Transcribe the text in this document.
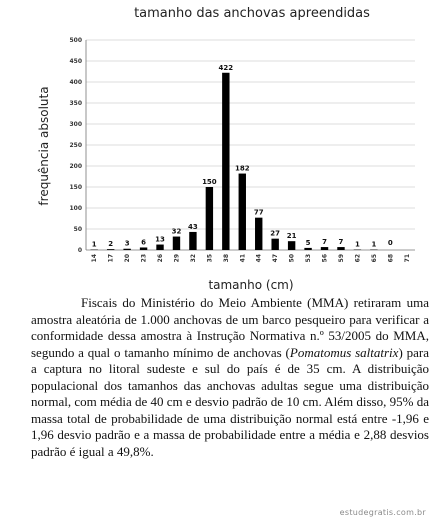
tamanho das anchovas apreendidas
1 2 3 6 13
32
43
150
422
182
77
27 21
5 7 7 1 1 0
0
50
100
150
200
250
300
350
400
450
500
14 17 20 23 26 29 32 35 38 41 44 47 50 53 56 59 62 65 68 71
frequência absoluta
tamanho (cm)

Fiscais do Ministério do Meio Ambiente (MMA) retiraram uma amostra aleatória de 1.000 anchovas de um barco pesqueiro para verificar a conformidade dessa amostra à Instrução Normativa n.º 53/2005 do MMA, segundo a qual o tamanho mínimo de anchovas (Pomatomus saltatrix) para a captura no litoral sudeste e sul do país é de 35 cm. A distribuição populacional dos tamanhos das anchovas adultas segue uma distribuição normal, com média de 40 cm e desvio padrão de 10 cm. Além disso, 95% da massa total de probabilidade de uma distribuição normal está entre -1,96 e 1,96 desvio padrão e a massa de probabilidade entre a média e 2,88 desvios padrão é igual a 49,8%.

estudegratis.com.br
